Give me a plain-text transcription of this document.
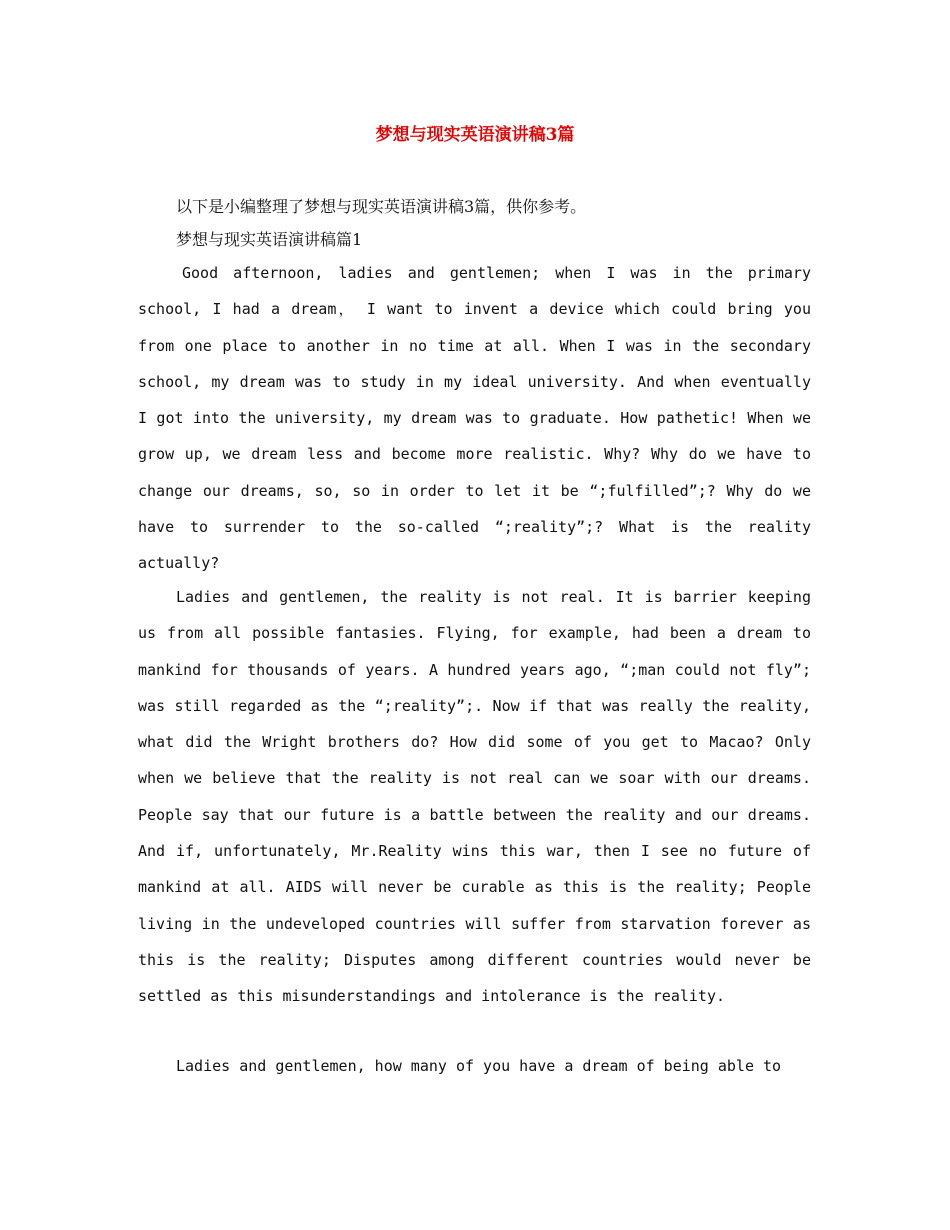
梦想与现实英语演讲稿3篇

以下是小编整理了梦想与现实英语演讲稿3篇，供你参考。

梦想与现实英语演讲稿篇1

Good afternoon, ladies and gentlemen; when I was in the primary school, I had a dream， I want to invent a device which could bring you from one place to another in no time at all. When I was in the secondary school, my dream was to study in my ideal university. And when eventually I got into the university, my dream was to graduate. How pathetic! When we grow up, we dream less and become more realistic. Why? Why do we have to change our dreams, so, so in order to let it be “;fulfilled”;? Why do we have to surrender to the so-called “;reality”;? What is the reality actually?

Ladies and gentlemen, the reality is not real. It is barrier keeping us from all possible fantasies. Flying, for example, had been a dream to mankind for thousands of years. A hundred years ago, “;man could not fly”; was still regarded as the “;reality”;. Now if that was really the reality, what did the Wright brothers do? How did some of you get to Macao? Only when we believe that the reality is not real can we soar with our dreams. People say that our future is a battle between the reality and our dreams. And if, unfortunately, Mr.Reality wins this war, then I see no future of mankind at all. AIDS will never be curable as this is the reality; People living in the undeveloped countries will suffer from starvation forever as this is the reality; Disputes among different countries would never be settled as this misunderstandings and intolerance is the reality.

Ladies and gentlemen, how many of you have a dream of being able to
